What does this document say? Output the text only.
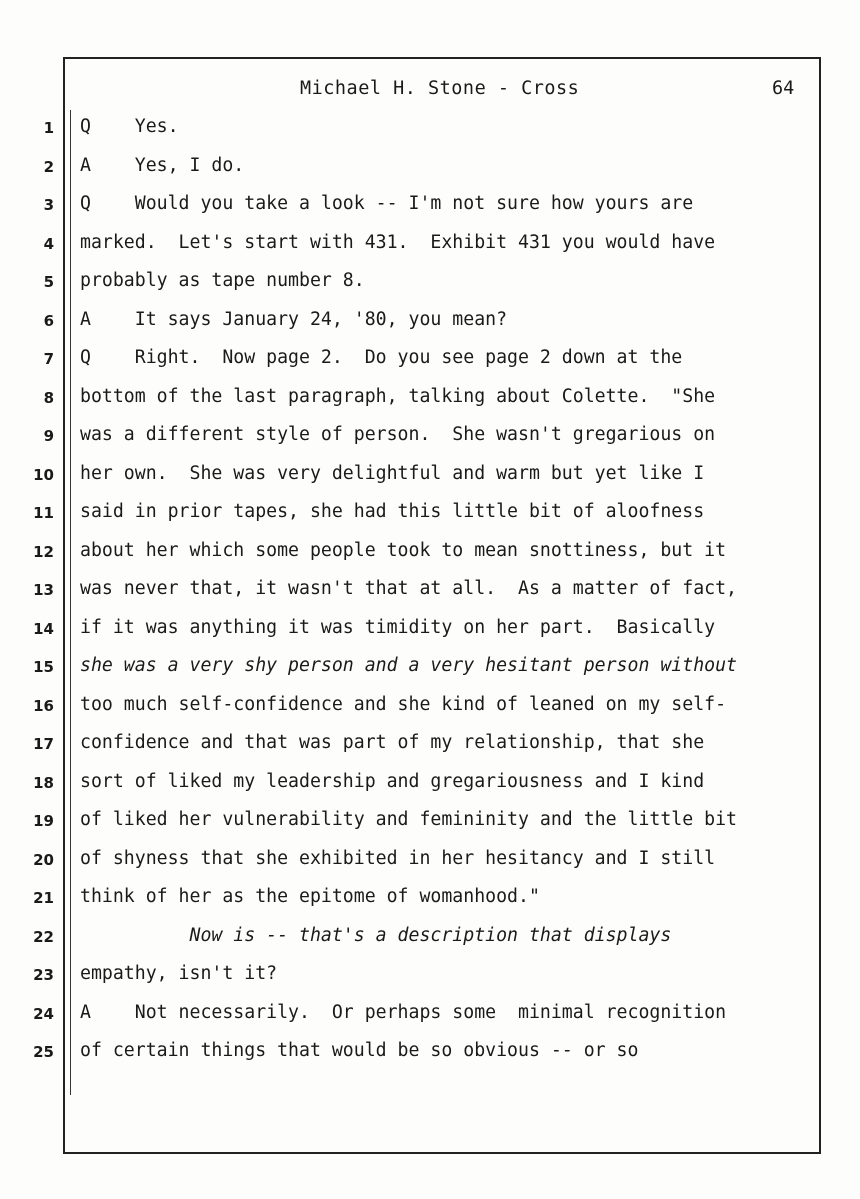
Michael H. Stone - Cross	64
1
2
3
4
5
6
7
8
9
10
11
12
13
14
15
16
17
18
19
20
21
22
23
24
25
Q    Yes.
A    Yes, I do.
Q    Would you take a look -- I'm not sure how yours are
marked.  Let's start with 431.  Exhibit 431 you would have
probably as tape number 8.
A    It says January 24, '80, you mean?
Q    Right.  Now page 2.  Do you see page 2 down at the
bottom of the last paragraph, talking about Colette.  "She
was a different style of person.  She wasn't gregarious on
her own.  She was very delightful and warm but yet like I
said in prior tapes, she had this little bit of aloofness
about her which some people took to mean snottiness, but it
was never that, it wasn't that at all.  As a matter of fact,
if it was anything it was timidity on her part.  Basically
she was a very shy person and a very hesitant person without
too much self-confidence and she kind of leaned on my self-
confidence and that was part of my relationship, that she
sort of liked my leadership and gregariousness and I kind
of liked her vulnerability and femininity and the little bit
of shyness that she exhibited in her hesitancy and I still
think of her as the epitome of womanhood."
Now is -- that's a description that displays
empathy, isn't it?
A    Not necessarily.  Or perhaps some  minimal recognition
of certain things that would be so obvious -- or so
